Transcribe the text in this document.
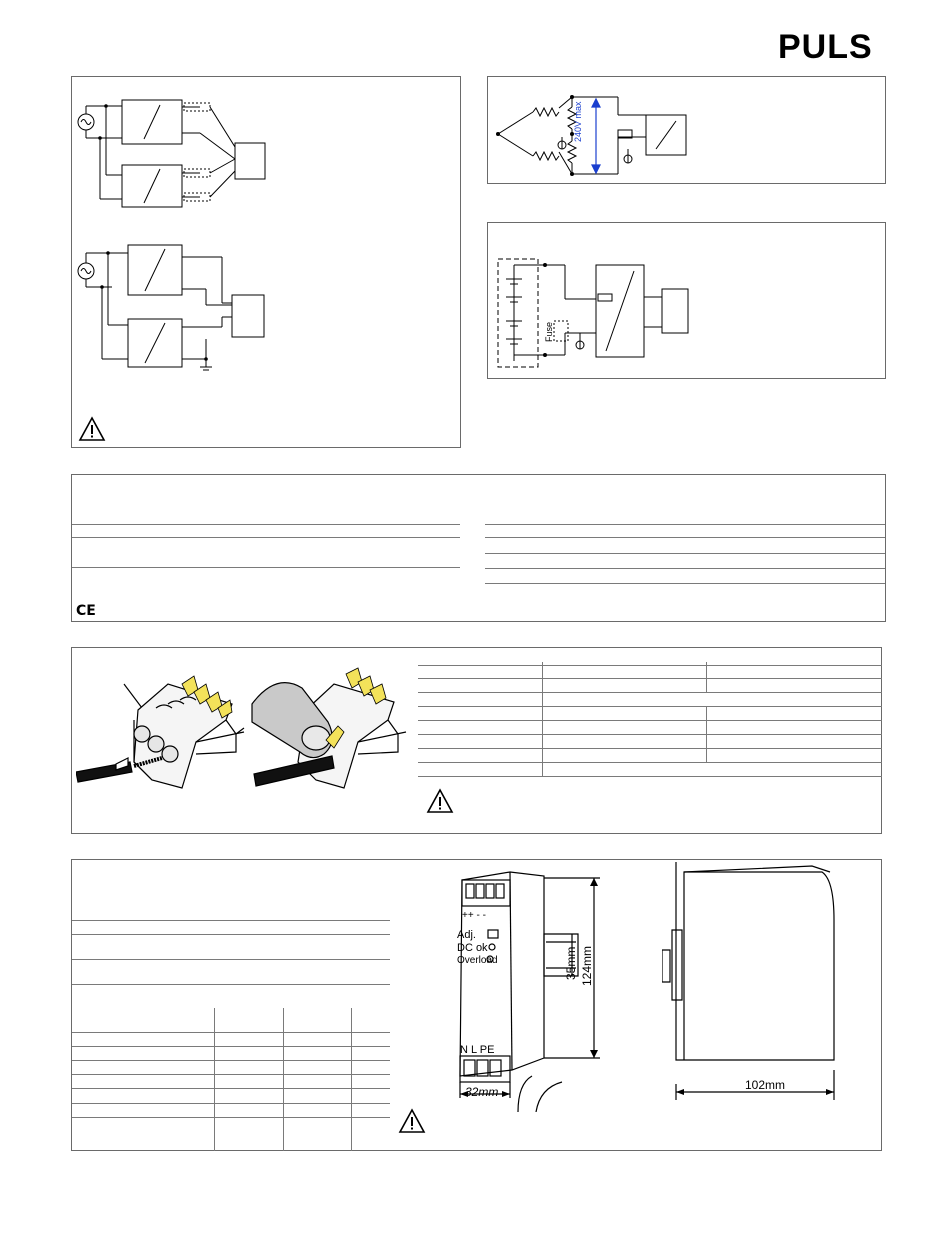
PULS
240V max
Fuse
CE
++ - -
Adj.
DC ok
Overload
N L PE
32mm
124mm
35mm
102mm
